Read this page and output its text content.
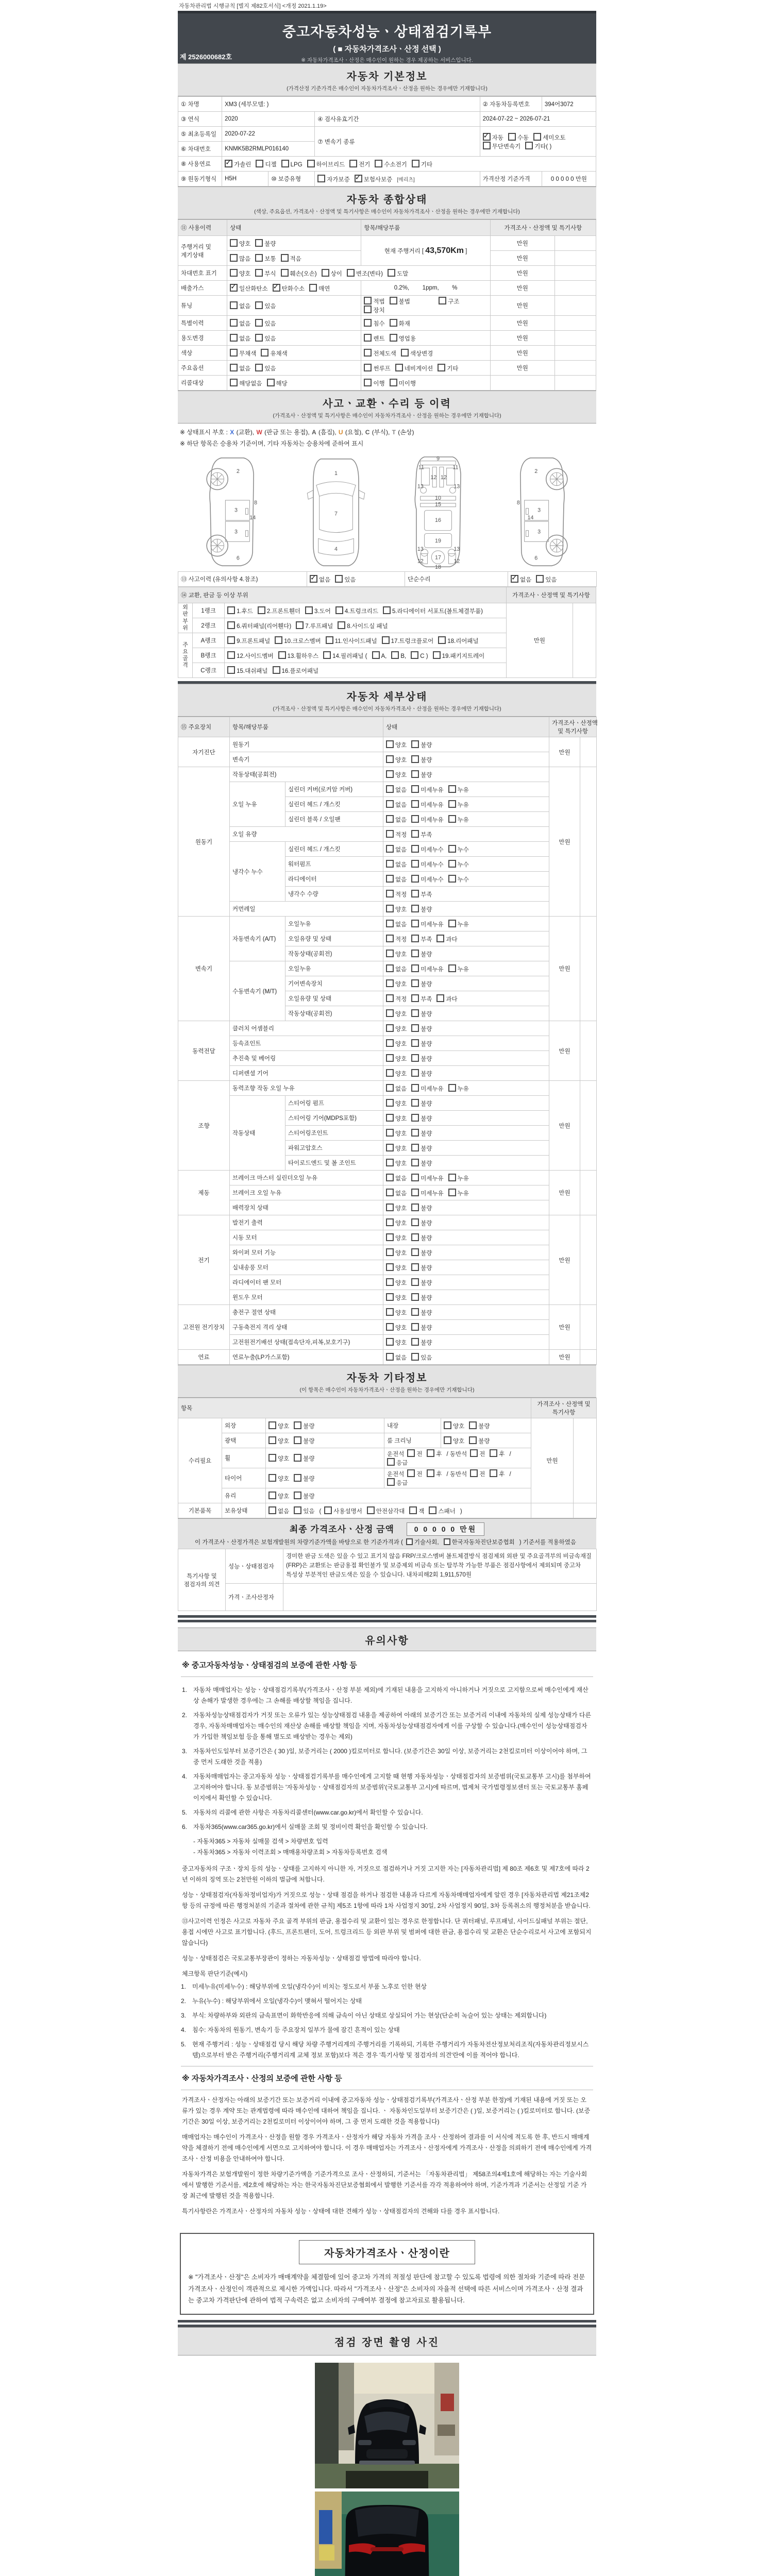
자동차관리법 시행규칙 [별지 제82호서식] <개정 2021.1.19>
중고자동차성능ㆍ상태점검기록부
( ■ 자동차가격조사ㆍ산정 선택 )
※ 자동차가격조사ㆍ산정은 매수인이 원하는 경우 제공하는 서비스입니다.
제 2526000682호
자동차 기본정보
(가격산정 기준가격은 매수인이 자동차가격조사ㆍ산정을 원하는 경우에만 기재합니다)
① 차명	XM3 (세부모델: )			② 자동차등록번호	394어3072
③ 연식	2020		④ 검사유효기간	2024-07-22 ~ 2026-07-21	
⑤ 최초등록일	2020-07-22		⑦ 변속기 종류	✓자동 수동 세미오토무단변속기 기타( )
⑥ 차대번호	KNMK5B2RMLP016140				
⑧ 사용연료	✓가솔린 디젤 LPG 하이브리드 전기 수소전기 기타
⑨ 원동기형식	H5H	⑩ 보증유형	자가보증 ✓ 보험사보증 [메리츠]	가격산정 기준가격	0 0 0 0 0 만원
자동차 종합상태
(색상, 주요옵션, 가격조사ㆍ산정액 및 특기사항은 매수인이 자동차가격조사ㆍ산정을 원하는 경우에만 기재합니다)
⑪ 사용이력	상태	항목/해당부품	가격조사ㆍ산정액 및 특기사항	
주행거리 및 계기상태	양호 불량	현재 주행거리 [ 43,570Km ]	만원	
	많음 보통 적음		만원	
차대번호 표기	양호 부식 훼손(오손) 상이 변조(변타) 도말		만원	
배출가스	✓일산화탄소 ✓ 탄화수소 매연	0.2%,        1ppm,        %	만원	
튜닝	없음 있음	적법 불법 구조장치	만원	
특별이력	없음 있음	침수 화재	만원	
용도변경	없음 있음	렌트 영업용	만원	
색상	무채색 유채색	전체도색 색상변경	만원	
주요옵션	없음 있음	썬루프 네비게이션 기타	만원	
리콜대상	해당없음 해당	이행 미이행		
사고ㆍ교환ㆍ수리 등 이력
(가격조사ㆍ산정액 및 특기사항은 매수인이 자동차가격조사ㆍ산정을 원하는 경우에만 기재합니다)
※ 상태표시 부호 : X (교환), W (판금 또는 용접), A (흠집), U (요철), C (부식), T (손상)
※ 하단 항목은 승용차 기준이며, 기타 자동차는 승용차에 준하여 표시
2
8
3
14
3
6
1
7
4
9
11	11
12 12
13	13
10
15
16
19
13	13
17
12	12
18
2
8
3
14
3
6
⑬ 사고이력 (유의사항 4.참조)	✓없음 있음	단순수리	✓없음 있음
⑭ 교환, 판금 등 이상 부위			가격조사ㆍ산정액 및 특기사항	

외판부위	1랭크	1.후드 2.프론트휀더 3.도어 4.트렁크리드 5.라디에이터 서포트(볼트체결부품)	만원	
	2랭크	6.쿼터패널(리어휀다) 7.루프패널 8.사이드실 패널		

주요골격	A랭크	9.프론트패널 10.크로스멤버 11.인사이드패널 17.트렁크플로어 18.리어패널		
	B랭크	12.사이드멤버 13.휠하우스 14.필러패널 ( A, B, C ) 19.패키지트레이		
	C랭크	15.대쉬패널 16.플로어패널		
자동차 세부상태
(가격조사ㆍ산정액 및 특기사항은 매수인이 자동차가격조사ㆍ산정을 원하는 경우에만 기재합니다)
⑮ 주요장치	항목/해당부품		상태	가격조사ㆍ산정액 및 특기사항	
자기진단	원동기		양호 불량	만원	
	변속기		양호 불량		
원동기	작동상태(공회전)		양호 불량	만원	
	오일 누유	실린더 커버(로커암 커버)	없음 미세누유 누유		
		실린더 헤드 / 개스킷	없음 미세누유 누유		
		실린더 블록 / 오일팬	없음 미세누유 누유		
	오일 유량		적정 부족		
	냉각수 누수	실린더 헤드 / 개스킷	없음 미세누수 누수		
		워터펌프	없음 미세누수 누수		
		라디에이터	없음 미세누수 누수		
		냉각수 수량	적정 부족		
	커먼레일		양호 불량		
변속기	자동변속기 (A/T)	오일누유	없음 미세누유 누유	만원	
		오일유량 및 상태	적정 부족 과다		
		작동상태(공회전)	양호 불량		
	수동변속기 (M/T)	오일누유	없음 미세누유 누유		
		기어변속장치	양호 불량		
		오일유량 및 상태	적정 부족 과다		
		작동상태(공회전)	양호 불량		
동력전달	클러치 어셈블리		양호 불량	만원	
	등속죠인트		양호 불량		
	추진축 및 베어링		양호 불량		
	디퍼렌셜 기어		양호 불량		
조향	동력조향 작동 오일 누유		없음 미세누유 누유	만원	
	작동상태	스티어링 펌프	양호 불량		
		스티어링 기어(MDPS포함)	양호 불량		
		스티어링조인트	양호 불량		
		파워고압호스	양호 불량		
		타이로드엔드 및 볼 조인트	양호 불량		
제동	브레이크 마스터 실린더오일 누유		없음 미세누유 누유	만원	
	브레이크 오일 누유		없음 미세누유 누유		
	배력장치 상태		양호 불량		
전기	발전기 출력		양호 불량	만원	
	시동 모터		양호 불량		
	와이퍼 모터 기능		양호 불량		
	실내송풍 모터		양호 불량		
	라디에이터 팬 모터		양호 불량		
	윈도우 모터		양호 불량		
고전원 전기장치	충전구 절연 상태		양호 불량	만원	
	구동축전지 격리 상태		양호 불량		
	고전원전기배선 상태(접속단자,피복,보호기구)		양호 불량		
연료	연료누출(LP가스포함)		없음 있음	만원	
자동차 기타정보
(이 항목은 매수인이 자동차가격조사ㆍ산정을 원하는 경우에만 기재합니다)
항목					가격조사ㆍ산정액 및 특기사항	
수리필요	외장	양호 불량	내장	양호 불량	만원	
	광택	양호 불량	룸 크리닝	양호 불량		
	휠	양호 불량	운전석 전 후 / 동반석 전 후 /응급			
	타이어	양호 불량	운전석 전 후 / 동반석 전 후 /응급			
	유리	양호 불량				
기본품목	보유상태	없음 있음 ( 사용설명서 안전삼각대 잭 스패너 )				
최종 가격조사ㆍ산정 금액	0 0 0 0 0 만원
이 가격조사ㆍ산정가격은 보험개발원의 차량기준가액을 바탕으로 한 기준가격과 ( 기술사회, 한국자동차진단보증협회 ) 기준서를 적용하였음
특기사항 및 점검자의 의견	성능ㆍ상태점검자	경미한 판금 도색은 있을 수 있고 표기치 않음 FRP/크로스멤버 볼트체결방식 점검제외 외판 및 주요골격부의 비금속재질(FRP)은 교환또는 판금용접 확인불가 및 보증제외 비금속 또는 탈부착 가능한 부품은 점검사항에서 제외되며 중고차 특성상 부분적인 판금도색은 있을 수 있습니다. 내차피해2회 1,911,570원
	가격ㆍ조사산정자	
유의사항
※ 중고자동차성능ㆍ상태점검의 보증에 관한 사항 등
1. 자동차 매매업자는 성능ㆍ상태점검기록부(가격조사ㆍ산정 부분 제외)에 기재된 내용을 고지하지 아니하거나 거짓으로 고지함으로써 매수인에게 재산상 손해가 발생한 경우에는 그 손해를 배상할 책임을 집니다.
2. 자동차성능상태점검자가 거짓 또는 오류가 있는 성능상태점검 내용을 제공하여 아래의 보증기간 또는 보증거리 이내에 자동차의 실제 성능상태가 다른 경우, 자동차매매업자는 매수인의 재산상 손해를 배상할 책임을 지며, 자동차성능상태점검자에게 이를 구상할 수 있습니다.(매수인이 성능상태점검자가 가입한 책임보험 등을 통해 별도로 배상받는 경우는 제외)
3. 자동차인도일부터 보증기간은 ( 30 )일, 보증거리는 ( 2000 )킬로미터로 합니다. (보증기간은 30일 이상, 보증거리는 2천킬로미터 이상이어야 하며, 그 중 먼저 도래한 것을 적용)
4. 자동차매매업자는 중고자동차 성능ㆍ상태점검기록부를 매수인에게 고지할 때 현행 자동차성능ㆍ상태점검자의 보증범위(국토교통부 고시)를 첨부하여 고지하여야 합니다. 동 보증범위는 '자동차성능ㆍ상태점검자의 보증범위'(국토교통부 고시)에 따르며, 법제처 국가법령정보센터 또는 국토교통부 홈페이지에서 확인할 수 있습니다.
5. 자동차의 리콜에 관한 사항은 자동차리콜센터(www.car.go.kr)에서 확인할 수 있습니다.
6. 자동차365(www.car365.go.kr)에서 실매물 조회 및 정비이력 확인을 확인할 수 있습니다.
- 자동차365 > 자동차 실매물 검색 > 차량번호 입력
- 자동차365 > 자동차 이력조회 > 매매용차량조회 > 자동차등록번호 검색
중고자동차의 구조ㆍ장치 등의 성능ㆍ상태를 고지하지 아니한 자, 거짓으로 점검하거나 거짓 고지한 자는 [자동차관리법] 제 80조 제6호 및 제7호에 따라 2년 이하의 징역 또는 2천만원 이하의 벌금에 처합니다.
성능ㆍ상태점검자(자동차정비업자)가 거짓으로 성능ㆍ상태 점검을 하거나 점검한 내용과 다르게 자동차매매업자에게 알린 경우 [자동차관리법 제21조제2항 등의 규정에 따른 행정처분의 기준과 절차에 관한 규칙] 제5조 1항에 따라 1차 사업정지 30일, 2차 사업정지 90일, 3차 등록취소의 행정처분을 받습니다.
⑬사고이력 인정은 사고로 자동차 주요 골격 부위의 판금, 용접수리 및 교환이 있는 경우로 한정합니다. 단 쿼터패널, 루프패널, 사이드실패널 부위는 절단, 용접 시에만 사고로 표기합니다. (후드, 프론트펜더, 도어, 트렁크리드 등 외판 부위 및 범퍼에 대한 판금, 용접수리 및 교환은 단순수리로서 사고에 포함되지 않습니다)
성능ㆍ상태점검은 국토교통부장관이 정하는 자동차성능ㆍ상태점검 방법에 따라야 합니다.
체크항목 판단기준(예시)
1. 미세누유(미세누수) : 해당부위에 오일(냉각수)이 비치는 정도로서 부품 노후로 인한 현상
2. 누유(누수) : 해당부위에서 오일(냉각수)이 맺혀서 떨어지는 상태
3. 부식: 차량하부와 외판의 금속표면이 화학반응에 의해 금속이 아닌 상태로 상실되어 가는 현상(단순히 녹슬어 있는 상태는 제외합니다)
4. 침수: 자동차의 원동기, 변속기 등 주요장치 일부가 물에 잠긴 흔적이 있는 상태
5. 현재 주행거리 : 성능ㆍ상태점검 당시 해당 차량 주행거리계의 주행거리를 기록하되, 기록한 주행거리가 자동차전산정보처리조직(자동차관리정보시스템)으로부터 받은 주행거리(주행거리계 교체 정보 포함)보다 적은 경우 '특기사항 및 점검자의 의견'란에 이를 적어야 합니다.
※ 자동차가격조사ㆍ산정의 보증에 관한 사항 등
가격조사ㆍ산정자는 아래의 보증기간 또는 보증거리 이내에 중고자동차 성능ㆍ상태점검기록부(가격조사ㆍ산정 부분 한정)에 기재된 내용에 거짓 또는 오류가 있는 경우 계약 또는 관계법령에 따라 매수인에 대하여 책임을 집니다. ㆍ 자동차인도일부터 보증기간은 ( )일, 보증거리는 ( )킬로미터로 합니다. (보증기간은 30일 이상, 보증거리는 2천킬로미터 이상이어야 하며, 그 중 먼저 도래한 것을 적용합니다)
매매업자는 매수인이 가격조사ㆍ산정을 원할 경우 가격조사ㆍ산정자가 해당 자동차 가격을 조사ㆍ산정하여 결과를 이 서식에 적도록 한 후, 반드시 매매계약을 체결하기 전에 매수인에게 서면으로 고지하여야 합니다. 이 경우 매매업자는 가격조사ㆍ산정자에게 가격조사ㆍ산정을 의뢰하기 전에 매수인에게 가격조사ㆍ산정 비용을 안내하여야 합니다.
자동차가격은 보험개발원이 정한 차량기준가액을 기준가격으로 조사ㆍ산정하되, 기준서는 「자동차관리법」 제58조의4제1호에 해당하는 자는 기술사회에서 발행한 기준서를, 제2호에 해당하는 자는 한국자동차진단보증협회에서 발행한 기준서를 각각 적용하여야 하며, 기준가격과 기준서는 산정일 기준 가장 최근에 발행된 것을 적용합니다.
특기사항란은 가격조사ㆍ산정자의 자동차 성능ㆍ상태에 대한 견해가 성능ㆍ상태점검자의 견해와 다를 경우 표시합니다.
자동차가격조사ㆍ산정이란
※ "가격조사ㆍ산정"은 소비자가 매매계약을 체결함에 있어 중고차 가격의 적절성 판단에 참고할 수 있도록 법령에 의한 절차와 기준에 따라 전문 가격조사ㆍ산정인이 객관적으로 제시한 가액입니다. 따라서 "가격조사ㆍ산정"은 소비자의 자율적 선택에 따른 서비스이며 가격조사ㆍ산정 결과는 중고차 가격판단에 관하여 법적 구속력은 없고 소비자의 구매여부 결정에 참고자료로 활용됩니다.
점검 장면 촬영 사진
